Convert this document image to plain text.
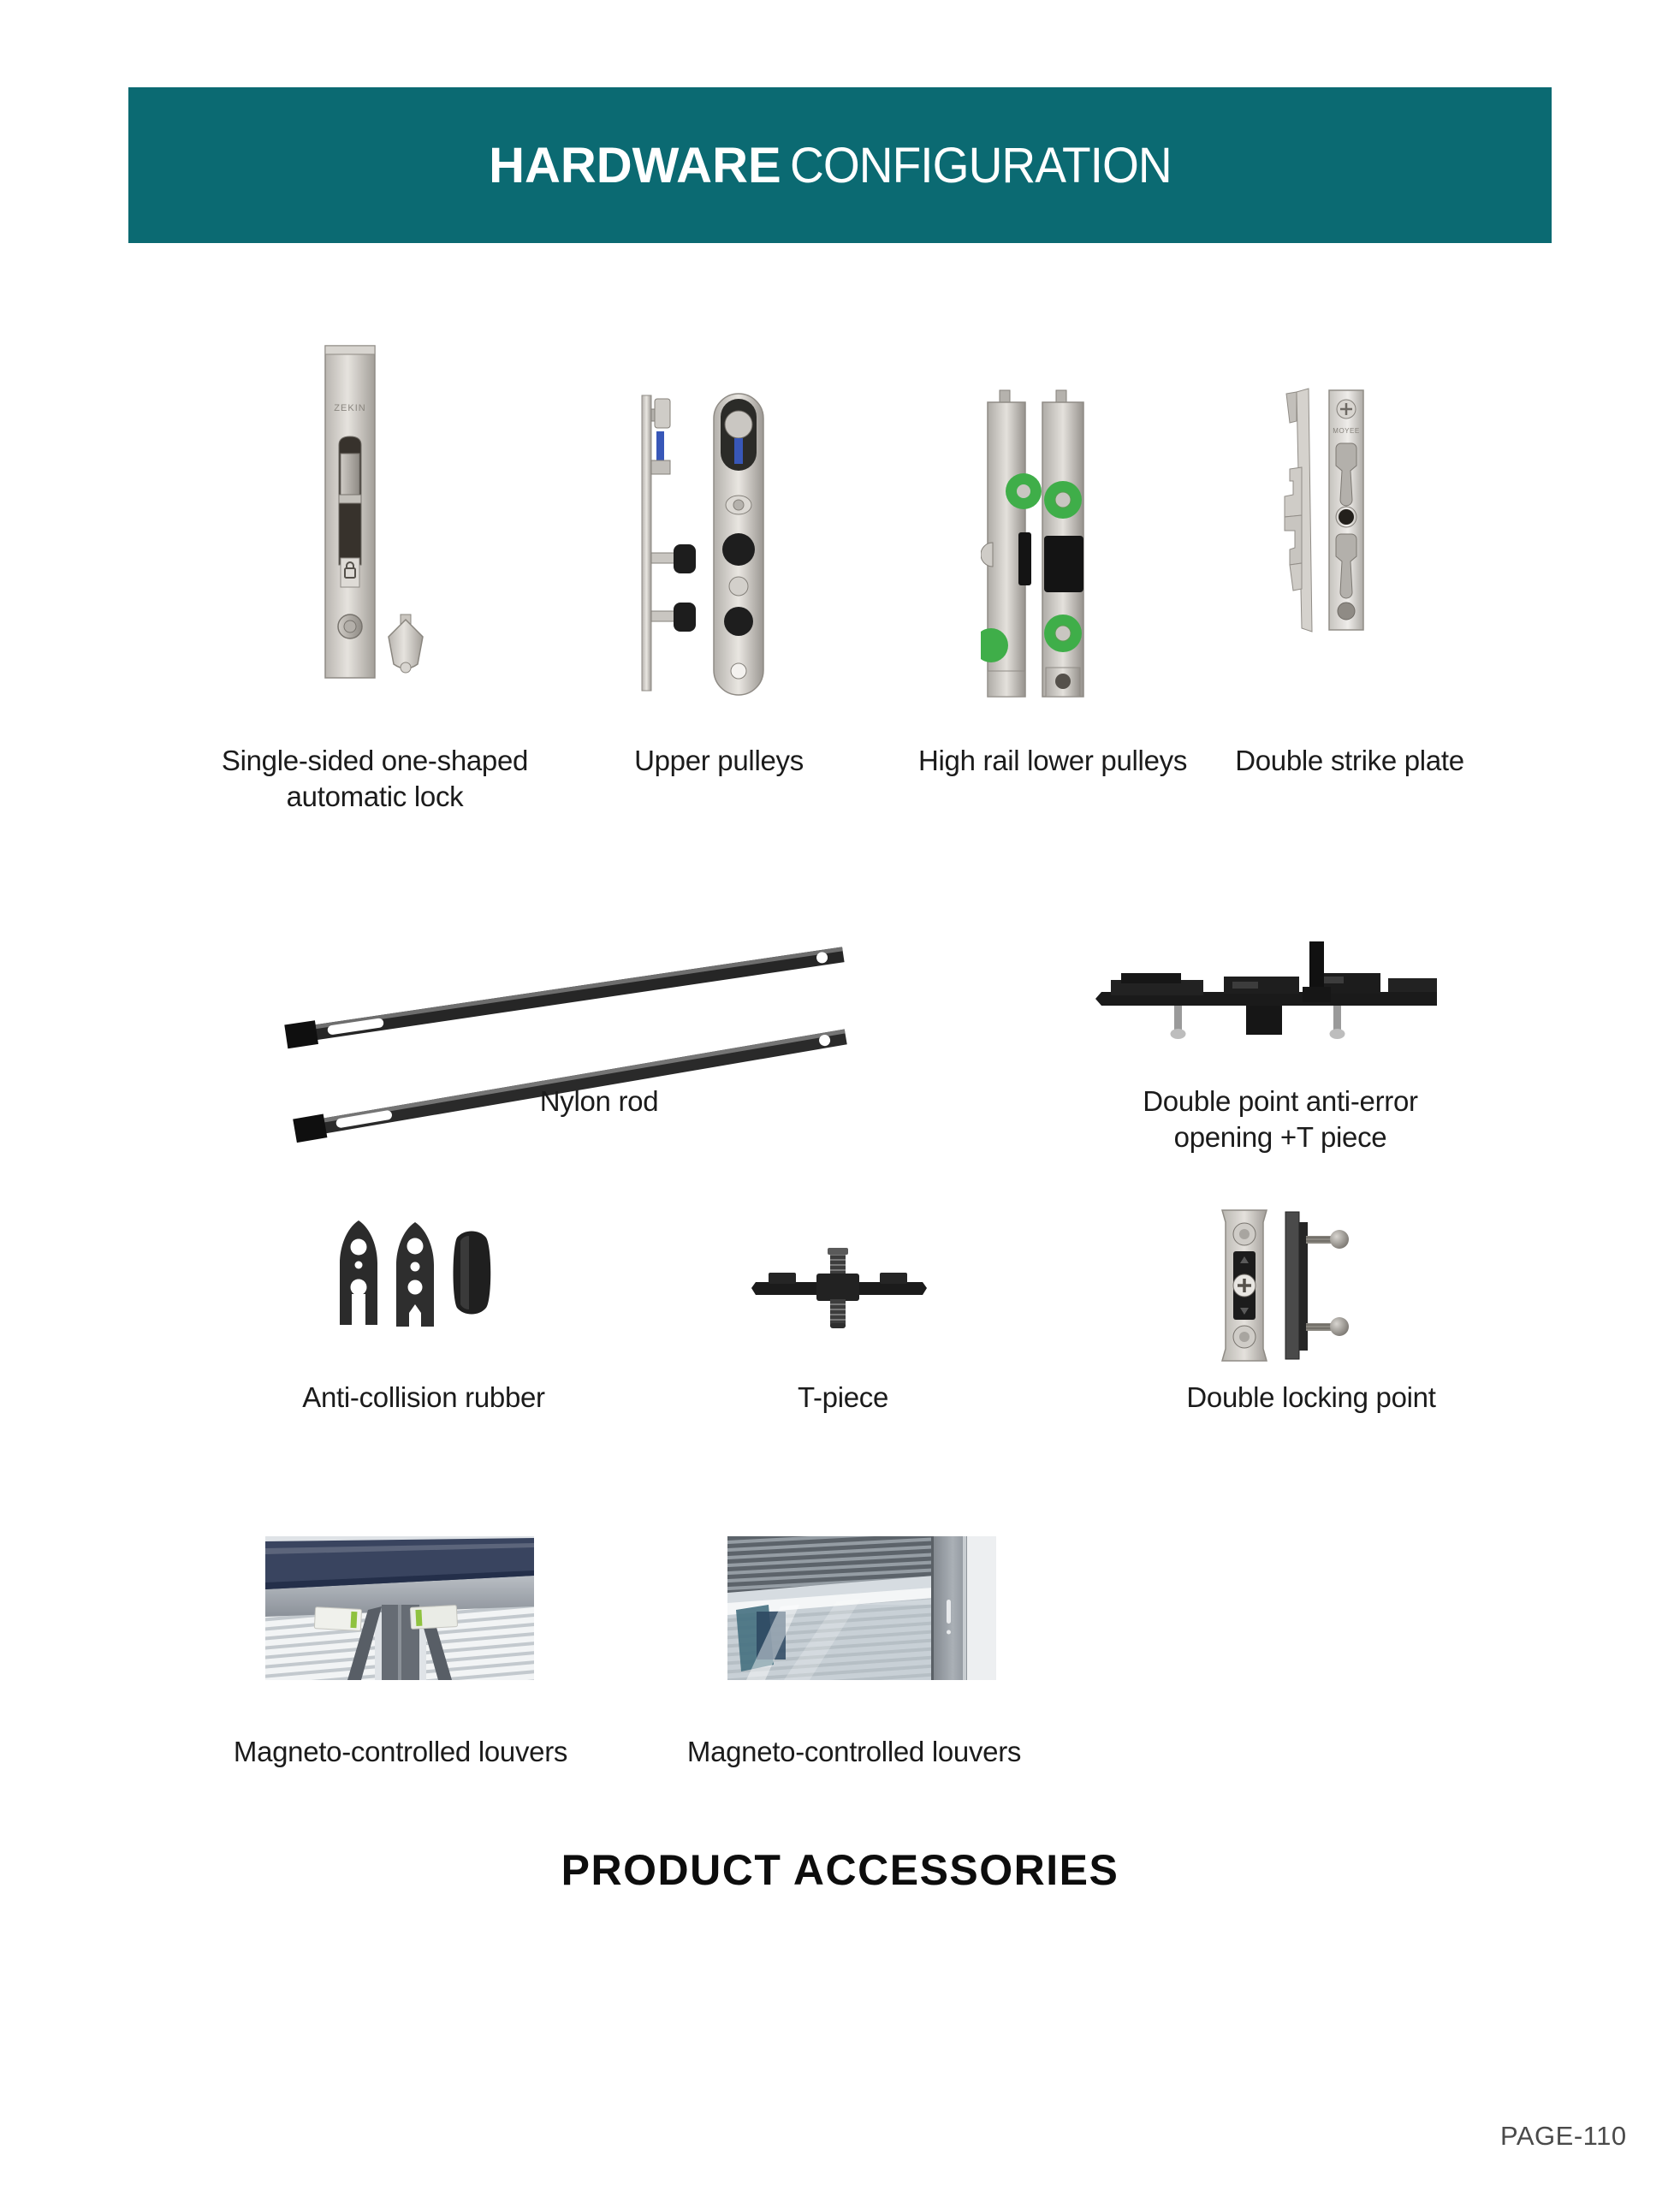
HARDWARE CONFIGURATION
ZEKIN
MOYEE
Single-sided one-shaped
automatic lock
Upper pulleys	High rail lower pulleys	Double strike plate
Nylon rod	Double point anti-error
opening +T piece
Anti-collision rubber	T-piece	Double locking point
Magneto-controlled louvers	Magneto-controlled louvers
PRODUCT ACCESSORIES
PAGE-110
